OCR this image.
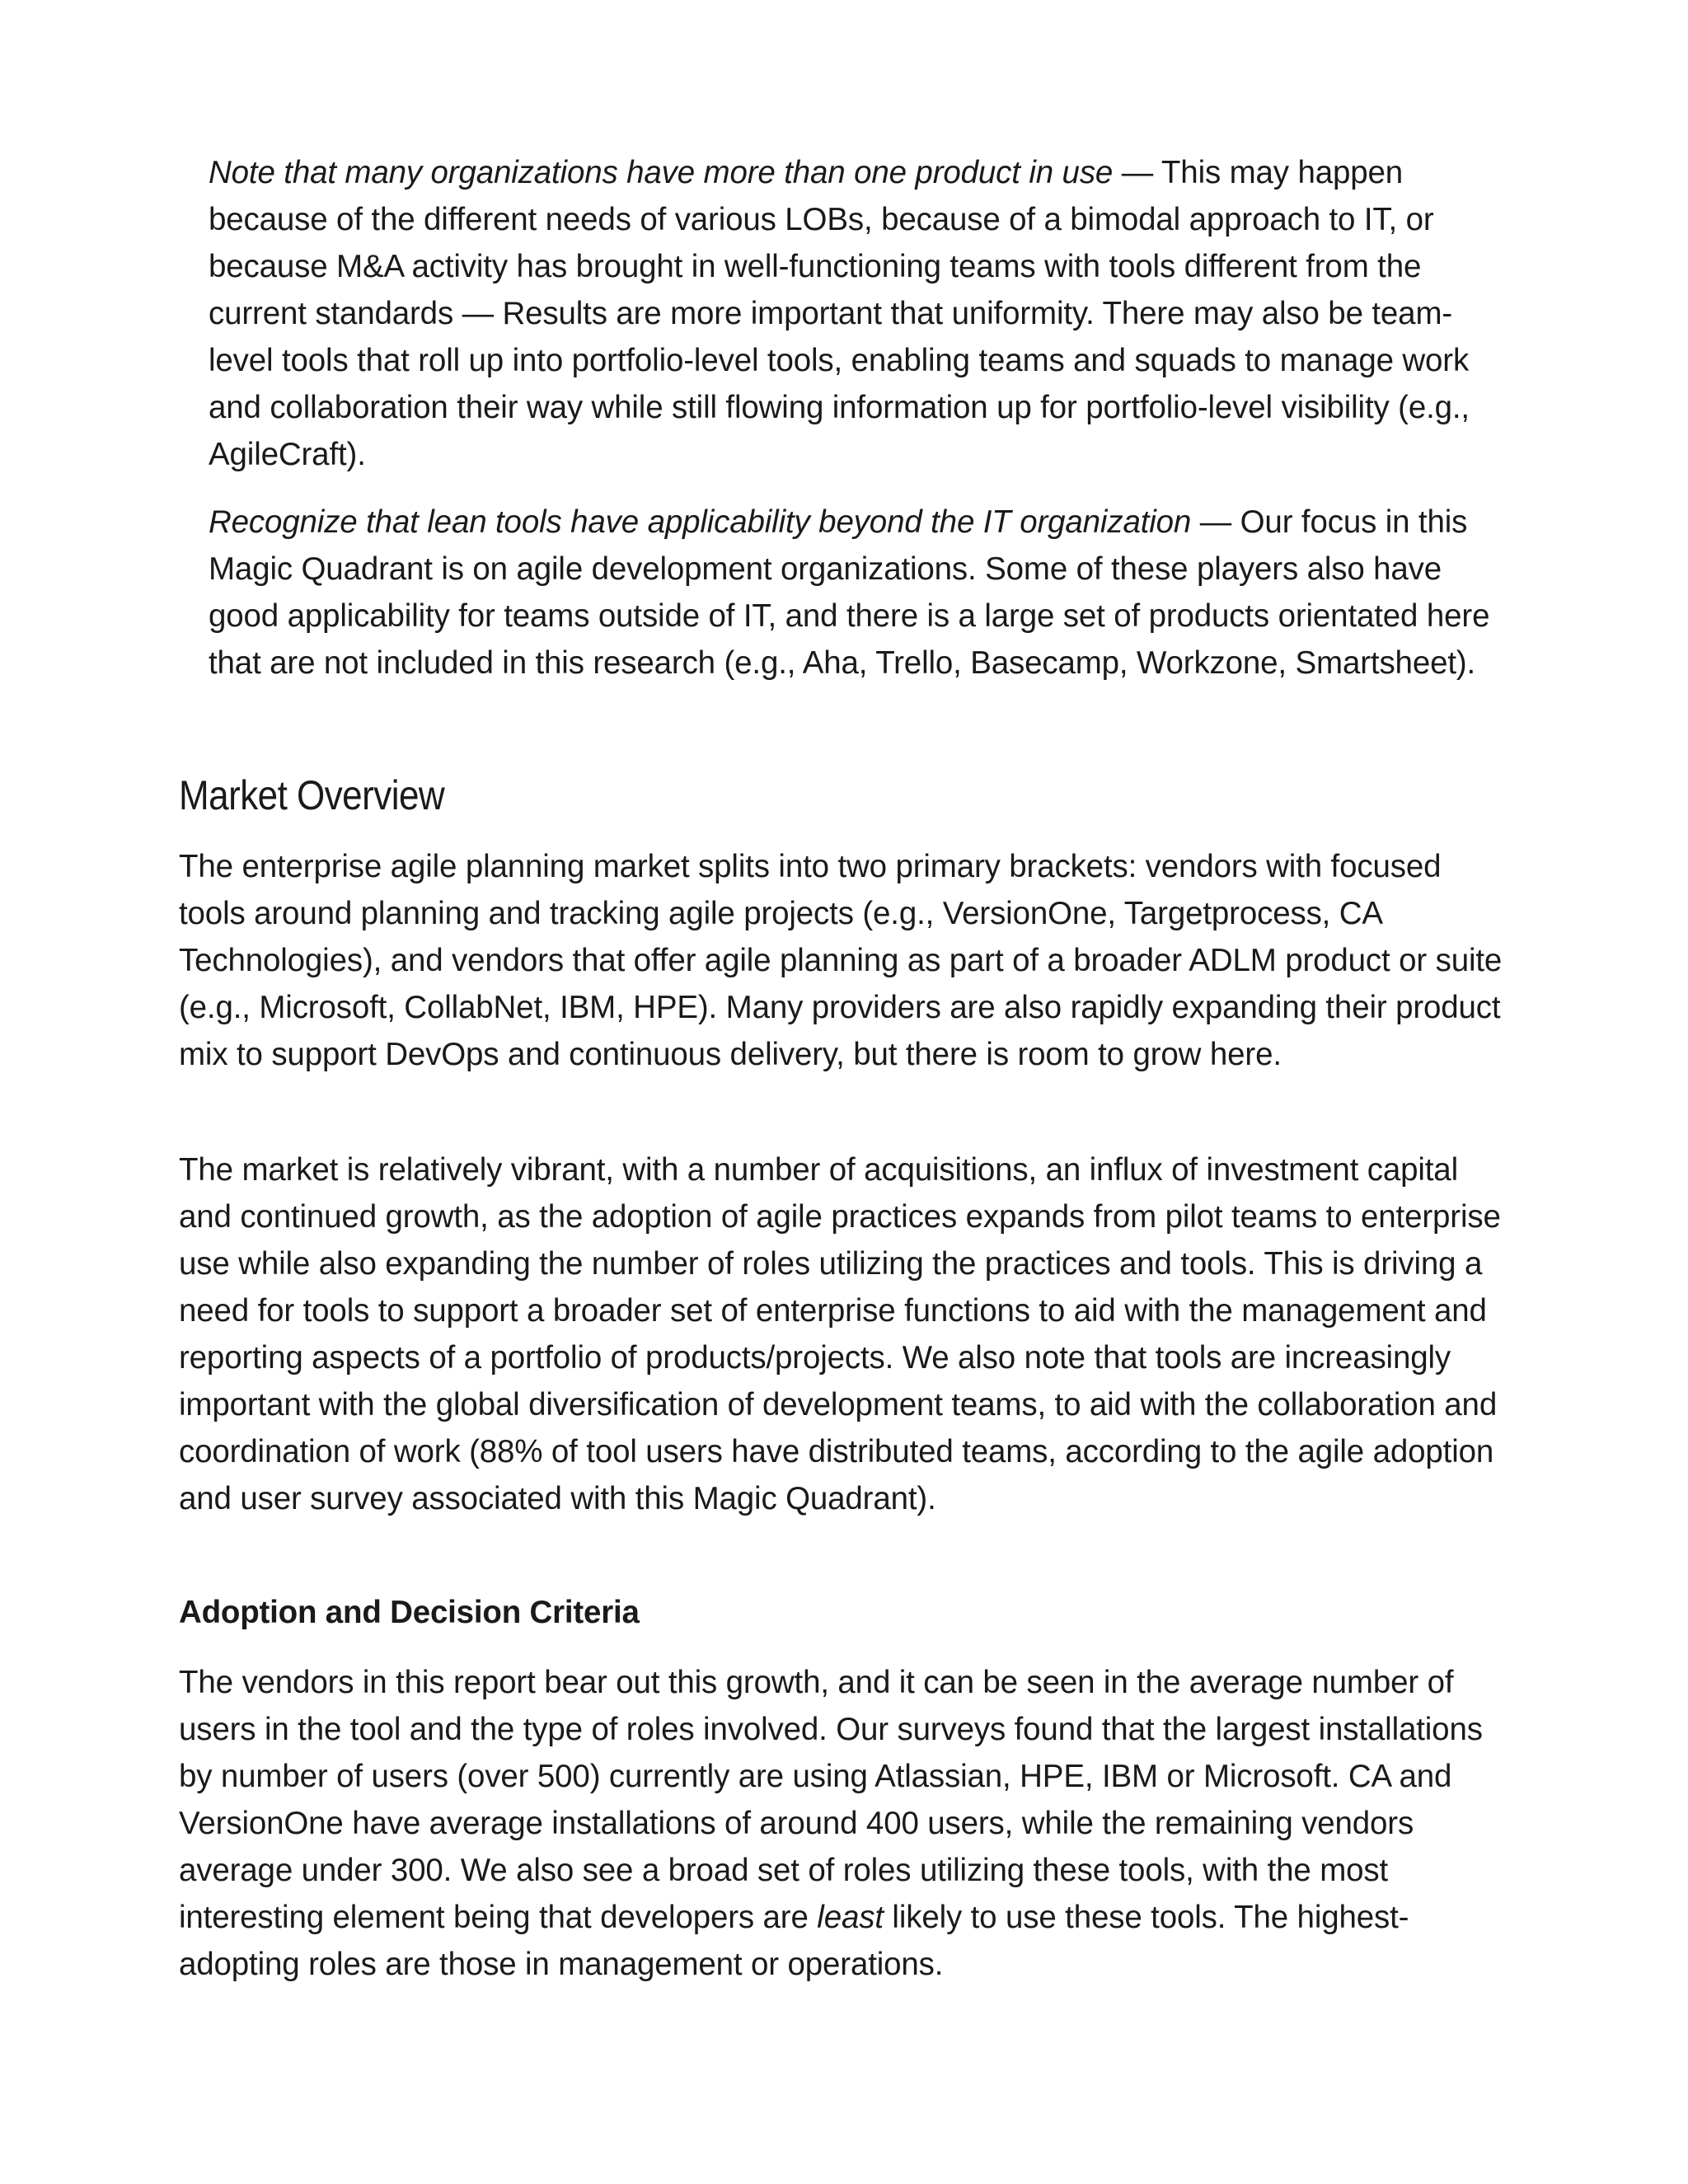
Note that many organizations have more than one product in use — This may happen because of the different needs of various LOBs, because of a bimodal approach to IT, or because M&A activity has brought in well-functioning teams with tools different from the current standards — Results are more important that uniformity. There may also be team-level tools that roll up into portfolio-level tools, enabling teams and squads to manage work and collaboration their way while still flowing information up for portfolio-level visibility (e.g., AgileCraft).

Recognize that lean tools have applicability beyond the IT organization — Our focus in this Magic Quadrant is on agile development organizations. Some of these players also have good applicability for teams outside of IT, and there is a large set of products orientated here that are not included in this research (e.g., Aha, Trello, Basecamp, Workzone, Smartsheet).

Market Overview

The enterprise agile planning market splits into two primary brackets: vendors with focused tools around planning and tracking agile projects (e.g., VersionOne, Targetprocess, CA Technologies), and vendors that offer agile planning as part of a broader ADLM product or suite (e.g., Microsoft, CollabNet, IBM, HPE). Many providers are also rapidly expanding their product mix to support DevOps and continuous delivery, but there is room to grow here.

The market is relatively vibrant, with a number of acquisitions, an influx of investment capital and continued growth, as the adoption of agile practices expands from pilot teams to enterprise use while also expanding the number of roles utilizing the practices and tools. This is driving a need for tools to support a broader set of enterprise functions to aid with the management and reporting aspects of a portfolio of products/projects. We also note that tools are increasingly important with the global diversification of development teams, to aid with the collaboration and coordination of work (88% of tool users have distributed teams, according to the agile adoption and user survey associated with this Magic Quadrant).

Adoption and Decision Criteria

The vendors in this report bear out this growth, and it can be seen in the average number of users in the tool and the type of roles involved. Our surveys found that the largest installations by number of users (over 500) currently are using Atlassian, HPE, IBM or Microsoft. CA and VersionOne have average installations of around 400 users, while the remaining vendors average under 300. We also see a broad set of roles utilizing these tools, with the most interesting element being that developers are least likely to use these tools. The highest-adopting roles are those in management or operations.
